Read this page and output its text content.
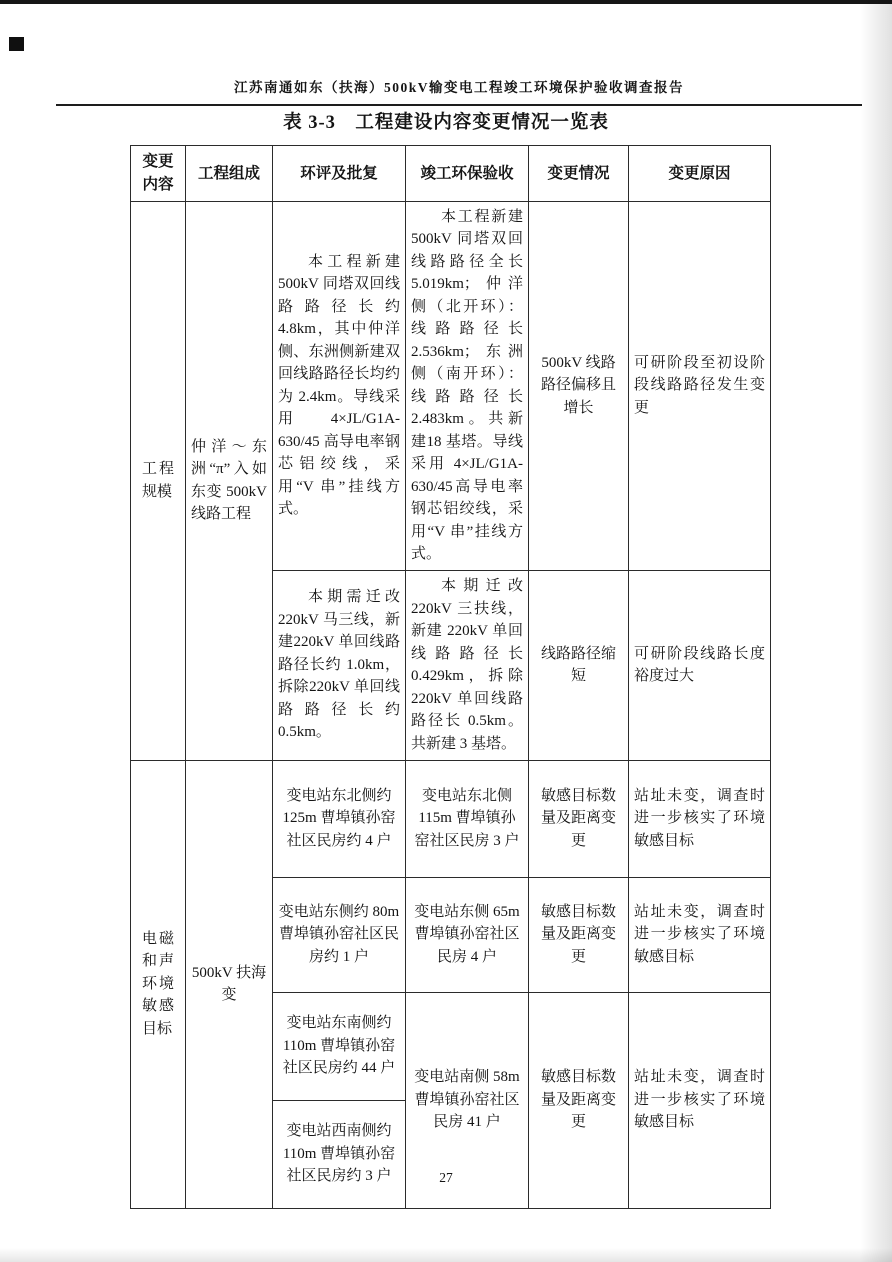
江苏南通如东（扶海）500kV输变电工程竣工环境保护验收调查报告
表 3-3　工程建设内容变更情况一览表
变更内容	工程组成	环评及批复	竣工环保验收	变更情况	变更原因

工程规模	仲洋～东洲“π”入如东变 500kV 线路工程	本工程新建500kV 同塔双回线路路径长约 4.8km，其中仲洋侧、东洲侧新建双回线路路径长均约为 2.4km。导线采用 4×JL/G1A-630/45 高导电率钢芯铝绞线，采用“V 串”挂线方式。	本工程新建500kV 同塔双回线路路径全长5.019km；仲洋侧（北开环）：线路路径长 2.536km；东洲侧（南开环）：线路路径长2.483km。共新建18 基塔。导线采用 4×JL/G1A-630/45高导电率钢芯铝绞线，采用“V 串”挂线方式。	500kV 线路路径偏移且增长	可研阶段至初设阶段线路路径发生变更

		本期需迁改220kV 马三线，新建220kV 单回线路路径长约 1.0km，拆除220kV 单回线路路径长约0.5km。	本期迁改220kV 三扶线，新建 220kV 单回线路路径长0.429km，拆除220kV 单回线路路径长 0.5km。共新建 3 基塔。	线路路径缩短	可研阶段线路长度裕度过大

电磁和声环境敏感目标	500kV 扶海变	变电站东北侧约125m 曹埠镇孙窑社区民房约 4 户	变电站东北侧115m 曹埠镇孙窑社区民房 3 户	敏感目标数量及距离变更	站址未变，调查时进一步核实了环境敏感目标
		变电站东侧约 80m 曹埠镇孙窑社区民房约 1 户	变电站东侧 65m 曹埠镇孙窑社区民房 4 户	敏感目标数量及距离变更	站址未变，调查时进一步核实了环境敏感目标
		变电站东南侧约110m 曹埠镇孙窑社区民房约 44 户	变电站南侧 58m 曹埠镇孙窑社区民房 41 户	敏感目标数量及距离变更	站址未变，调查时进一步核实了环境敏感目标
		变电站西南侧约110m 曹埠镇孙窑社区民房约 3 户				27
